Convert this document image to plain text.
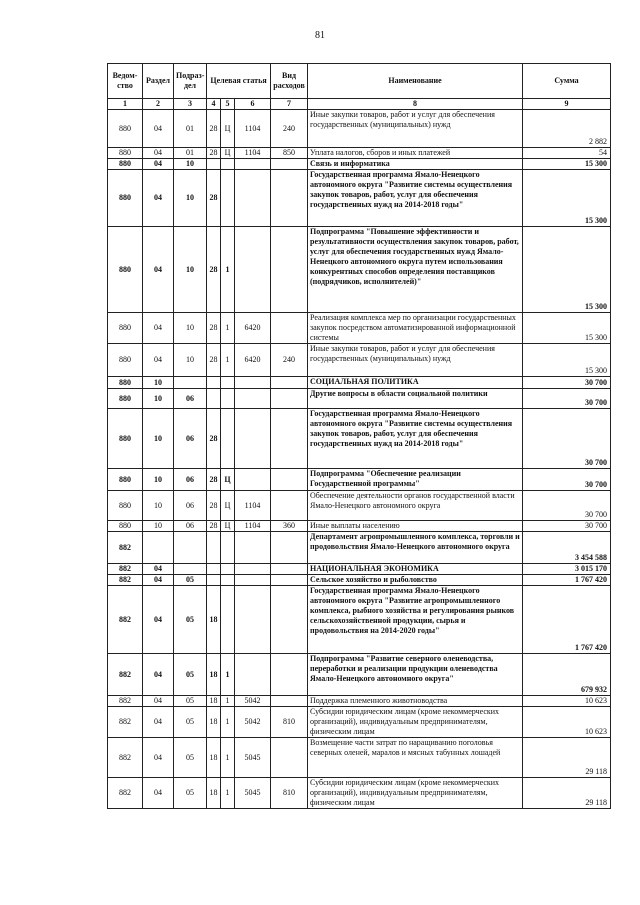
81
Ведом-ство	Раздел	Подраз-дел	Целевая статья			Вид расходов	Наименование	Сумма
1	2	3	4	5	6	7	8	9
880	04	01	28	Ц	1104	240	Иные закупки товаров, работ и услуг для обеспечения государственных (муниципальных) нужд	2 882
880	04	01	28	Ц	1104	850	Уплата налогов, сборов и иных платежей	54
880	04	10					Связь и информатика	15 300
880	04	10	28				Государственная программа Ямало-Ненецкого автономного округа "Развитие системы осуществления закупок товаров, работ, услуг для обеспечения государственных нужд на 2014-2018 годы"	15 300
880	04	10	28	1			Подпрограмма "Повышение эффективности и результативности осуществления закупок товаров, работ, услуг для обеспечения государственных нужд Ямало-Ненецкого автономного округа путем использования конкурентных способов определения поставщиков (подрядчиков, исполнителей)"	15 300
880	04	10	28	1	6420		Реализация комплекса мер по организации государственных закупок посредством автоматизированной информационной системы	15 300
880	04	10	28	1	6420	240	Иные закупки товаров, работ и услуг для обеспечения государственных (муниципальных) нужд	15 300
880	10						СОЦИАЛЬНАЯ ПОЛИТИКА	30 700
880	10	06					Другие вопросы в области социальной политики	30 700
880	10	06	28				Государственная программа Ямало-Ненецкого автономного округа "Развитие системы осуществления закупок товаров, работ, услуг для обеспечения государственных нужд на 2014-2018 годы"	30 700
880	10	06	28	Ц			Подпрограмма "Обеспечение реализации Государственной программы"	30 700
880	10	06	28	Ц	1104		Обеспечение деятельности органов государственной власти Ямало-Ненецкого автономного округа	30 700
880	10	06	28	Ц	1104	360	Иные выплаты населению	30 700
882							Департамент агропромышленного комплекса, торговли и продовольствия Ямало-Ненецкого автономного округа	3 454 588
882	04						НАЦИОНАЛЬНАЯ ЭКОНОМИКА	3 015 170
882	04	05					Сельское хозяйство и рыболовство	1 767 420
882	04	05	18				Государственная программа Ямало-Ненецкого автономного округа "Развитие агропромышленного комплекса, рыбного хозяйства и регулирования рынков сельскохозяйственной продукции, сырья и продовольствия на 2014-2020 годы"	1 767 420
882	04	05	18	1			Подпрограмма "Развитие северного оленеводства, переработки и реализации продукции оленеводства Ямало-Ненецкого автономного округа"	679 932
882	04	05	18	1	5042		Поддержка племенного животноводства	10 623
882	04	05	18	1	5042	810	Субсидии юридическим лицам (кроме некоммерческих организаций), индивидуальным предпринимателям, физическим лицам	10 623
882	04	05	18	1	5045		Возмещение части затрат по наращиванию поголовья северных оленей, маралов и мясных табунных лошадей	29 118
882	04	05	18	1	5045	810	Субсидии юридическим лицам (кроме некоммерческих организаций), индивидуальным предпринимателям, физическим лицам	29 118
